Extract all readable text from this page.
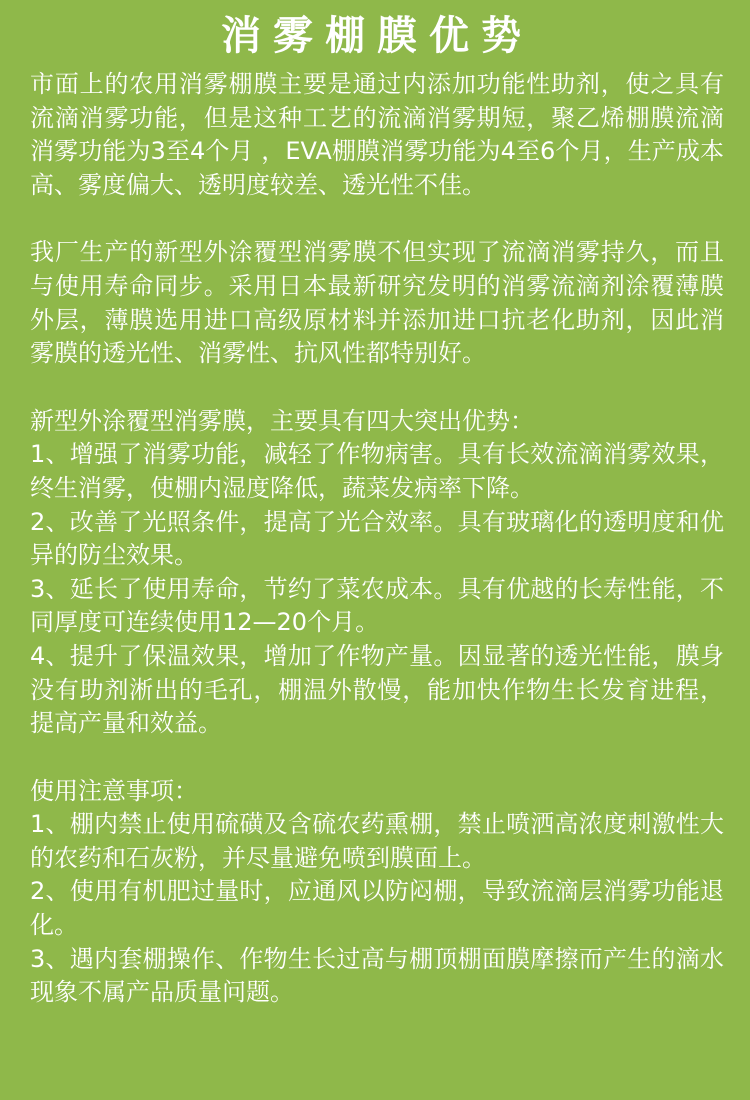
消雾棚膜优势

市面上的农用消雾棚膜主要是通过内添加功能性助剂，使之具有流滴消雾功能，但是这种工艺的流滴消雾期短，聚乙烯棚膜流滴消雾功能为3至4个月 ，EVA棚膜消雾功能为4至6个月，生产成本高、雾度偏大、透明度较差、透光性不佳。

我厂生产的新型外涂覆型消雾膜不但实现了流滴消雾持久，而且与使用寿命同步。采用日本最新研究发明的消雾流滴剂涂覆薄膜外层，薄膜选用进口高级原材料并添加进口抗老化助剂，因此消雾膜的透光性、消雾性、抗风性都特别好。

新型外涂覆型消雾膜，主要具有四大突出优势：

1、增强了消雾功能，减轻了作物病害。具有长效流滴消雾效果，终生消雾，使棚内湿度降低，蔬菜发病率下降。
2、改善了光照条件，提高了光合效率。具有玻璃化的透明度和优异的防尘效果。
3、延长了使用寿命，节约了菜农成本。具有优越的长寿性能，不同厚度可连续使用12—20个月。
4、提升了保温效果，增加了作物产量。因显著的透光性能，膜身没有助剂淅出的毛孔，棚温外散慢，能加快作物生长发育进程，提高产量和效益。

使用注意事项：

1、棚内禁止使用硫磺及含硫农药熏棚，禁止喷洒高浓度刺激性大的农药和石灰粉，并尽量避免喷到膜面上。
2、使用有机肥过量时，应通风以防闷棚，导致流滴层消雾功能退化。
3、遇内套棚操作、作物生长过高与棚顶棚面膜摩擦而产生的滴水现象不属产品质量问题。
